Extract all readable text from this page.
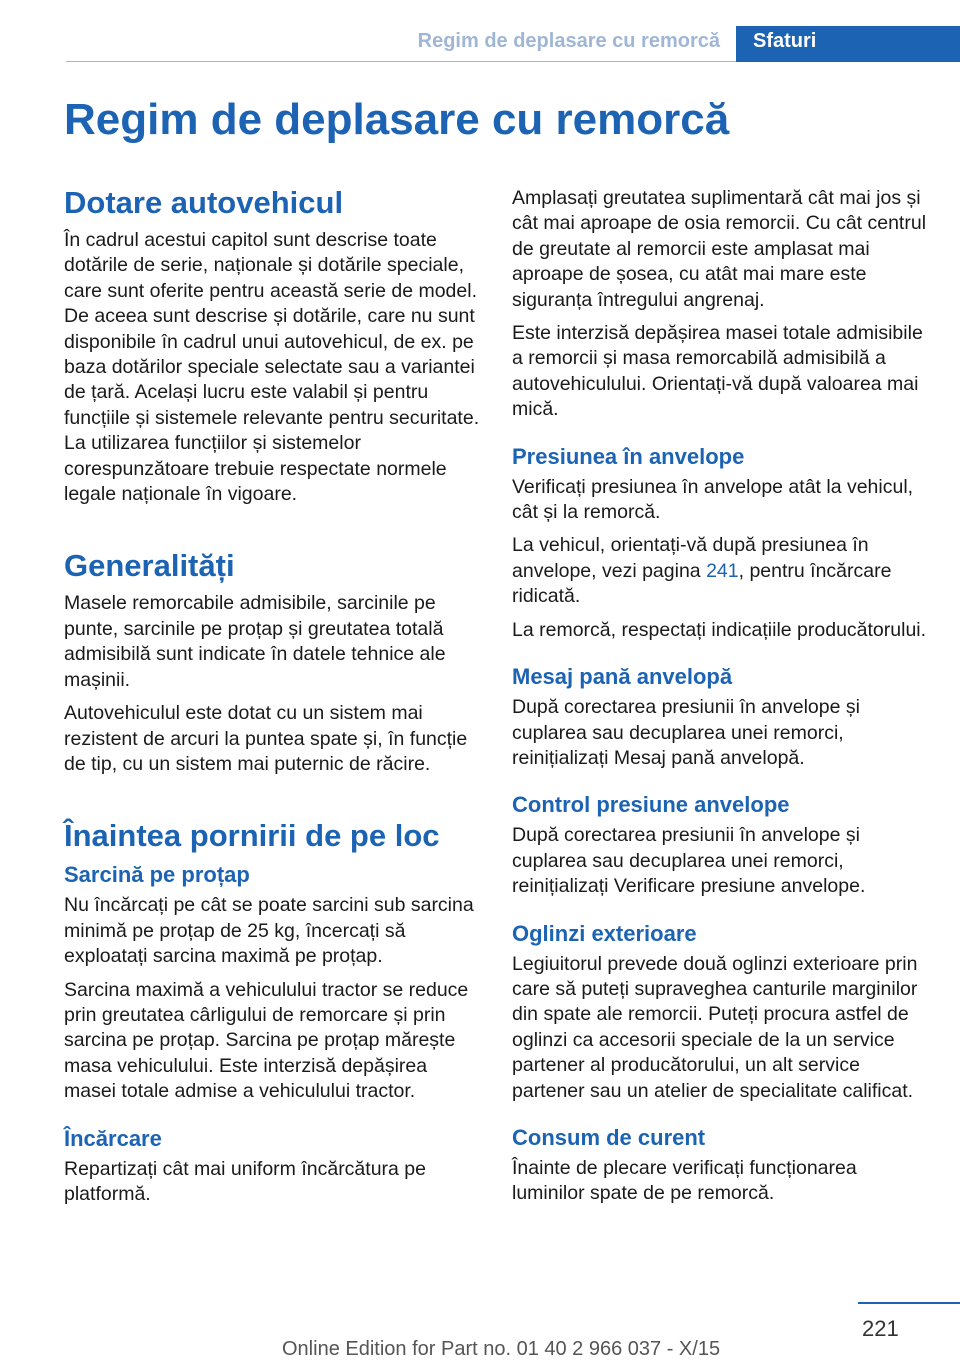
Regim de deplasare cu remorcă	Sfaturi
Regim de deplasare cu remorcă
Dotare autovehicul

În cadrul acestui capitol sunt descrise toate dotările de serie, naționale și dotările speciale, care sunt oferite pentru această serie de model. De aceea sunt descrise și dotările, care nu sunt disponibile în cadrul unui autovehicul, de ex. pe baza dotărilor speciale selectate sau a variantei de țară. Același lucru este valabil și pentru funcțiile și sistemele relevante pentru securitate. La utilizarea funcțiilor și sistemelor corespunzătoare trebuie respectate normele legale naționale în vigoare.

Generalități

Masele remorcabile admisibile, sarcinile pe punte, sarcinile pe proțap și greutatea totală admisibilă sunt indicate în datele tehnice ale mașinii.

Autovehiculul este dotat cu un sistem mai rezistent de arcuri la puntea spate și, în funcție de tip, cu un sistem mai puternic de răcire.

Înaintea pornirii de pe loc
Sarcină pe proțap

Nu încărcați pe cât se poate sarcini sub sarcina minimă pe proțap de 25 kg, încercați să exploatați sarcina maximă pe proțap.

Sarcina maximă a vehiculului tractor se reduce prin greutatea cârligului de remorcare și prin sarcina pe proțap. Sarcina pe proțap mărește masa vehiculului. Este interzisă depășirea masei totale admise a vehiculului tractor.

Încărcare

Repartizați cât mai uniform încărcătura pe platformă.

Amplasați greutatea suplimentară cât mai jos și cât mai aproape de osia remorcii. Cu cât centrul de greutate al remorcii este amplasat mai aproape de șosea, cu atât mai mare este siguranța întregului angrenaj.

Este interzisă depășirea masei totale admisibile a remorcii și masa remorcabilă admisibilă a autovehiculului. Orientați-vă după valoarea mai mică.

Presiunea în anvelope

Verificați presiunea în anvelope atât la vehicul, cât și la remorcă.

La vehicul, orientați-vă după presiunea în anvelope, vezi pagina 241, pentru încărcare ridicată.

La remorcă, respectați indicațiile producătorului.

Mesaj pană anvelopă

După corectarea presiunii în anvelope și cuplarea sau decuplarea unei remorci, reinițializați Mesaj pană anvelopă.

Control presiune anvelope

După corectarea presiunii în anvelope și cuplarea sau decuplarea unei remorci, reinițializați Verificare presiune anvelope.

Oglinzi exterioare

Legiuitorul prevede două oglinzi exterioare prin care să puteți supraveghea canturile marginilor din spate ale remorcii. Puteți procura astfel de oglinzi ca accesorii speciale de la un service partener al producătorului, un alt service partener sau un atelier de specialitate calificat.

Consum de curent

Înainte de plecare verificați funcționarea luminilor spate de pe remorcă.

221
Online Edition for Part no. 01 40 2 966 037 - X/15
